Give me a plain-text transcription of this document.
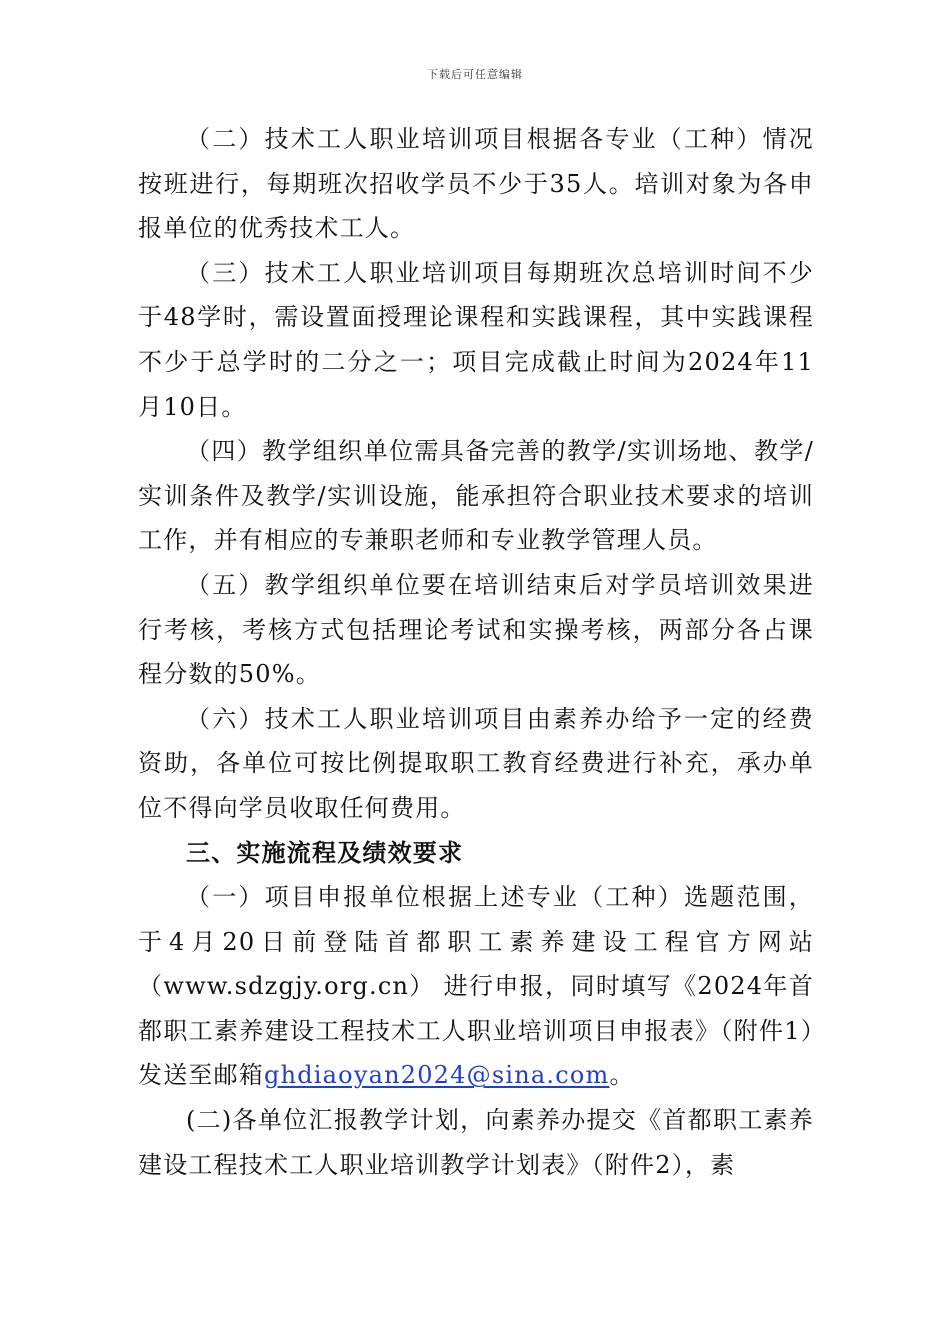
下载后可任意编辑

（二）技术工人职业培训项目根据各专业（工种）情况按班进行，每期班次招收学员不少于35人。培训对象为各申报单位的优秀技术工人。

（三）技术工人职业培训项目每期班次总培训时间不少于48学时，需设置面授理论课程和实践课程，其中实践课程不少于总学时的二分之一；项目完成截止时间为2024年11月10日。

（四）教学组织单位需具备完善的教学/实训场地、教学/实训条件及教学/实训设施，能承担符合职业技术要求的培训工作，并有相应的专兼职老师和专业教学管理人员。

（五）教学组织单位要在培训结束后对学员培训效果进行考核，考核方式包括理论考试和实操考核，两部分各占课程分数的50%。

（六）技术工人职业培训项目由素养办给予一定的经费资助，各单位可按比例提取职工教育经费进行补充，承办单位不得向学员收取任何费用。

三、实施流程及绩效要求

（一）项目申报单位根据上述专业（工种）选题范围，于4月20日前登陆首都职工素养建设工程官方网站（www.sdzgjy.org.cn） 进行申报，同时填写《2024年首都职工素养建设工程技术工人职业培训项目申报表》（附件1）发送至邮箱ghdiaoyan2024@sina.com。

(二)各单位汇报教学计划，向素养办提交《首都职工素养建设工程技术工人职业培训教学计划表》（附件2），素
